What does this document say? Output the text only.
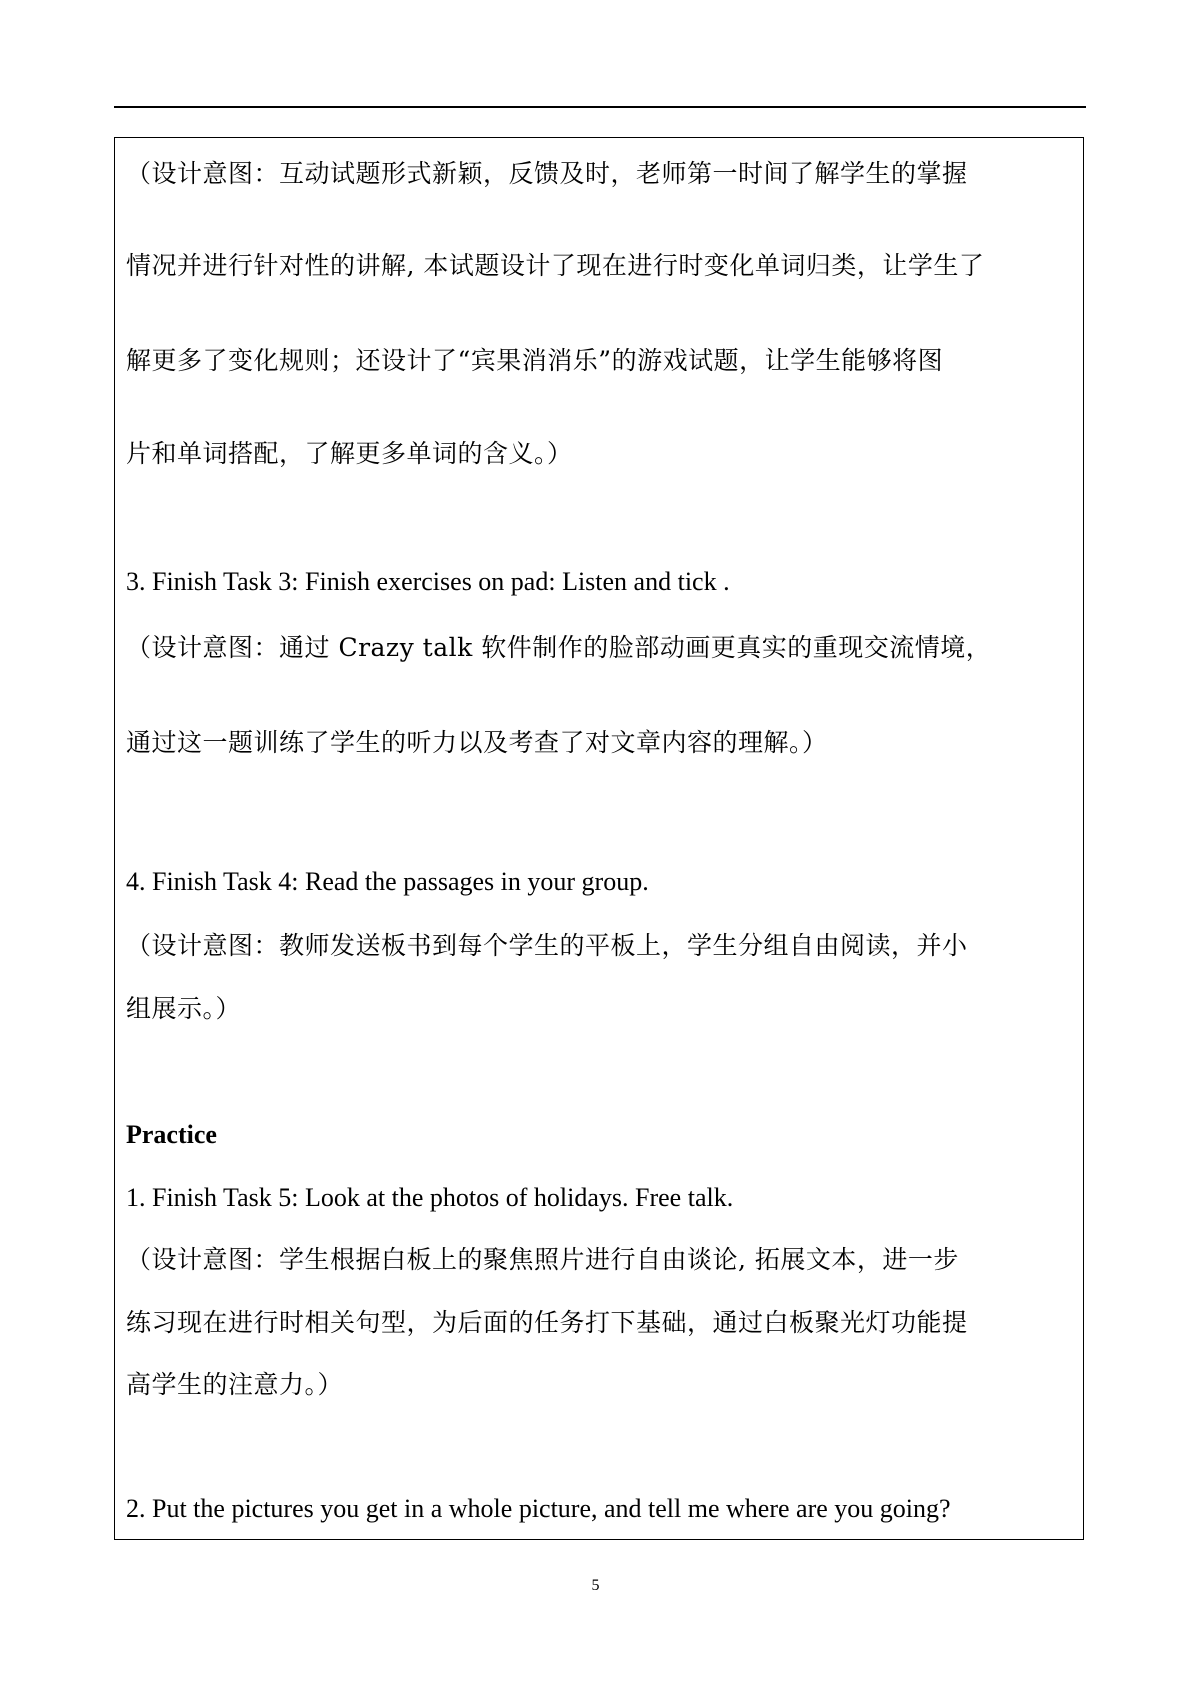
（设计意图：互动试题形式新颖，反馈及时，老师第一时间了解学生的掌握
情况并进行针对性的讲解, 本试题设计了现在进行时变化单词归类，让学生了
解更多了变化规则；还设计了“宾果消消乐”的游戏试题，让学生能够将图
片和单词搭配，了解更多单词的含义。）
3. Finish Task 3: Finish exercises on pad: Listen and tick .
（设计意图：通过 Crazy talk 软件制作的脸部动画更真实的重现交流情境，
通过这一题训练了学生的听力以及考查了对文章内容的理解。）
4. Finish Task 4: Read the passages in your group.
（设计意图：教师发送板书到每个学生的平板上，学生分组自由阅读，并小
组展示。）
Practice
1. Finish Task 5: Look at the photos of holidays. Free talk.
（设计意图：学生根据白板上的聚焦照片进行自由谈论, 拓展文本，进一步
练习现在进行时相关句型，为后面的任务打下基础，通过白板聚光灯功能提
高学生的注意力。）
2. Put the pictures you get in a whole picture, and tell me where are you going?
5
